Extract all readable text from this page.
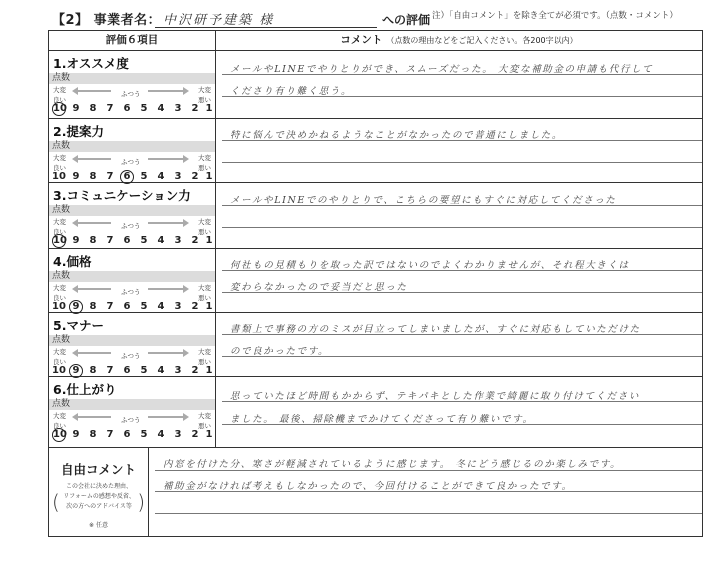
【2】 事業者名： 中沢研予建築 様	への評価 注）「自由コメント」を除き全てが必須です。（点数・コメント）
評価６項目	コメント （点数の理由などをご記入ください。各200字以内）
1.オススメ度
点数
大変
良い
ふつう	大変
悪い
10 9	8	7	6	5	4	3	2 1
メールやLINEでやりとりができ、スムーズだった。 大変な補助金の申請も代行して
くださり有り難く思う。
2.提案力
点数
大変
良い
ふつう	大変
悪い
10 9	8	7	6	5	4	3	2 1
特に悩んで決めかねるようなことがなかったので普通にしました。
3.コミュニケーション力
点数
大変
良い
ふつう	大変
悪い
10 9	8	7	6	5	4	3	2 1
メールやLINEでのやりとりで、こちらの要望にもすぐに対応してくださった
4.価格
点数
大変
良い
ふつう	大変
悪い
10 9	8	7	6	5	4	3	2 1
何社もの見積もりを取った訳ではないのでよくわかりませんが、それ程大きくは
変わらなかったので妥当だと思った
5.マナー
点数
大変
良い
ふつう	大変
悪い
10 9	8	7	6	5	4	3	2 1
書類上で事務の方のミスが目立ってしまいましたが、すぐに対応もしていただけた
ので良かったです。
6.仕上がり
点数
大変
良い
ふつう	大変
悪い
10 9	8	7	6	5	4	3	2 1
思っていたほど時間もかからず、テキパキとした作業で綺麗に取り付けてください
ました。 最後、掃除機までかけてくださって有り難いです。
自由コメント
(
この会社に決めた理由、
リフォームの感想や反省、
次の方へのアドバイス等 )
※ 任意
内窓を付けた分、寒さが軽減されているように感じます。 冬にどう感じるのか楽しみです。
補助金がなければ考えもしなかったので、今回付けることができて良かったです。
